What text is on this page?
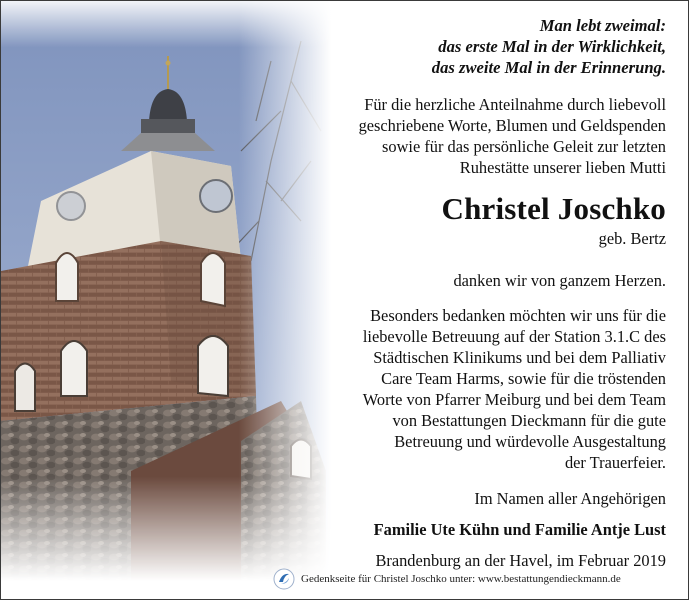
Man lebt zweimal:
das erste Mal in der Wirklichkeit,
das zweite Mal in der Erinnerung.
Für die herzliche Anteilnahme durch liebevoll
geschriebene Worte, Blumen und Geldspenden
sowie für das persönliche Geleit zur letzten
Ruhestätte unserer lieben Mutti
Christel Joschko
geb. Bertz
danken wir von ganzem Herzen.
Besonders bedanken möchten wir uns für die
liebevolle Betreuung auf der Station 3.1.C des
Städtischen Klinikums und bei dem Palliativ
Care Team Harms, sowie für die tröstenden
Worte von Pfarrer Meiburg und bei dem Team
von Bestattungen Dieckmann für die gute
Betreuung und würdevolle Ausgestaltung
der Trauerfeier.
Im Namen aller Angehörigen
Familie Ute Kühn und Familie Antje Lust
Brandenburg an der Havel, im Februar 2019
Gedenkseite für Christel Joschko unter: www.bestattungendieckmann.de
